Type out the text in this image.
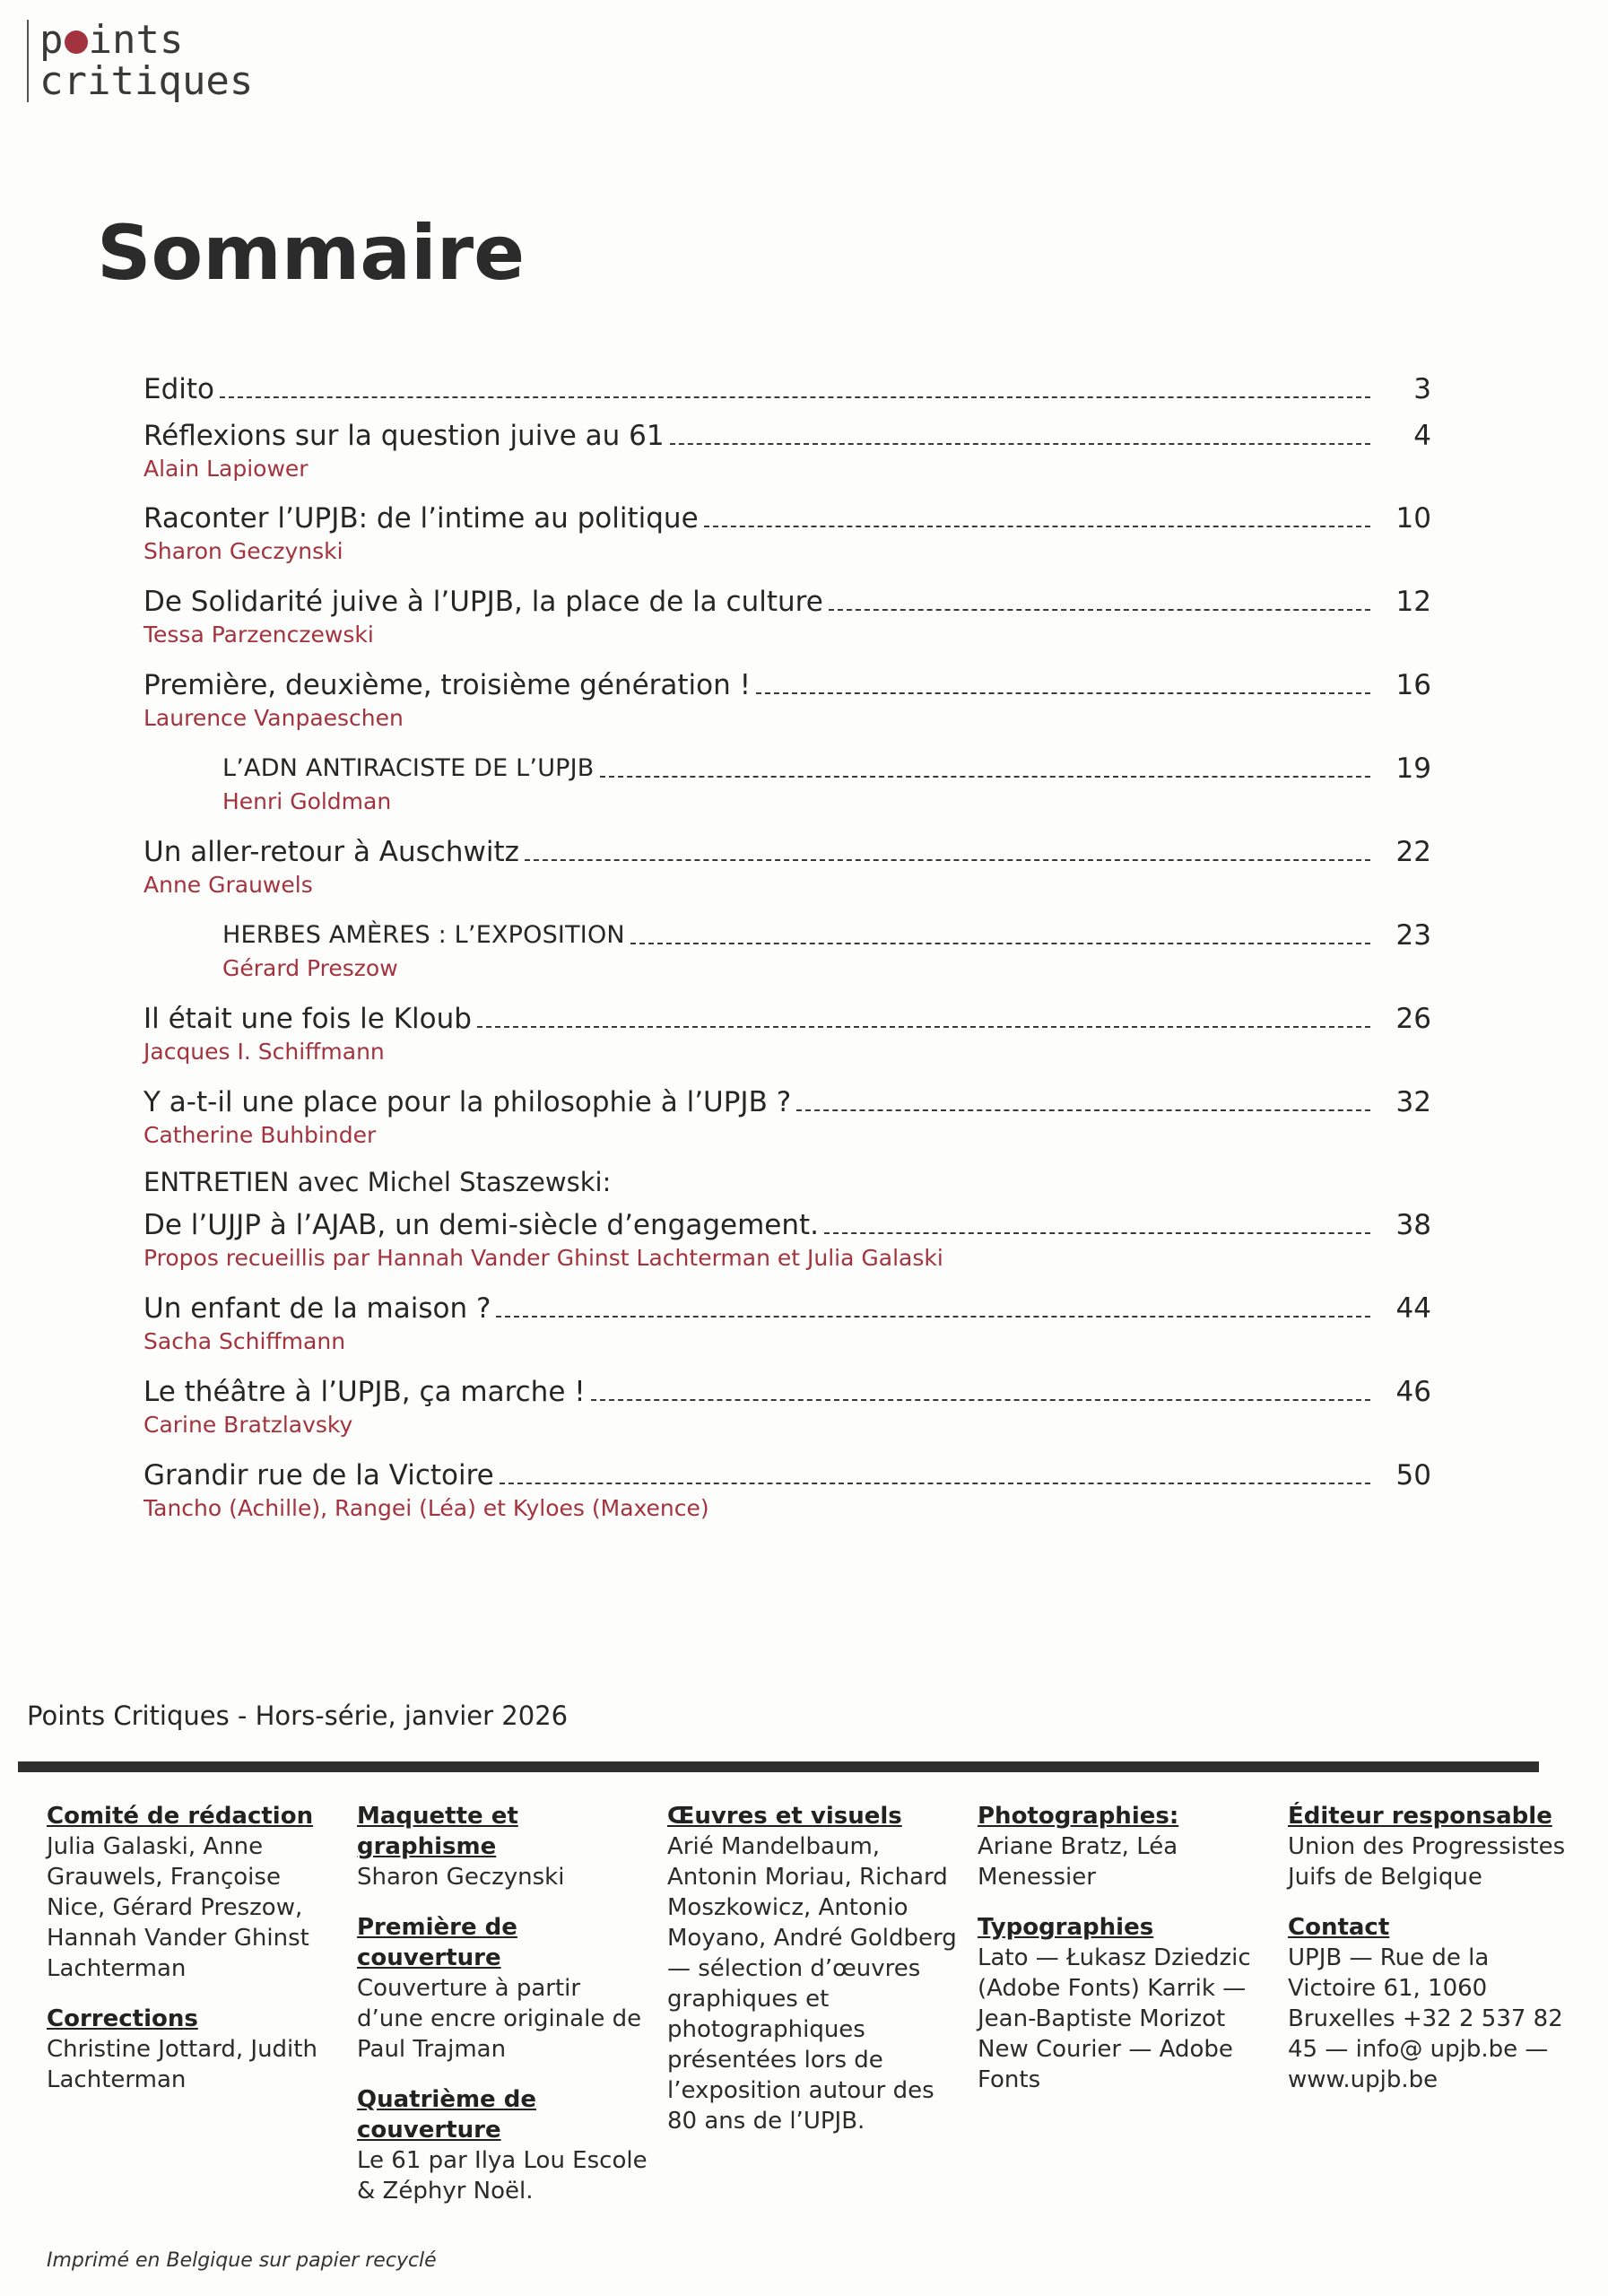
p ints
critiques
Sommaire
Edito	3
Réflexions sur la question juive au 61	4
Alain Lapiower
Raconter l’UPJB: de l’intime au politique	10
Sharon Geczynski
De Solidarité juive à l’UPJB, la place de la culture	12
Tessa Parzenczewski
Première, deuxième, troisième génération !	16
Laurence Vanpaeschen
L’ADN ANTIRACISTE DE L’UPJB	19
Henri Goldman
Un aller-retour à Auschwitz	22
Anne Grauwels
HERBES AMÈRES : L’EXPOSITION	23
Gérard Preszow
Il était une fois le Kloub	26
Jacques I. Schiffmann
Y a-t-il une place pour la philosophie à l’UPJB ?	32
Catherine Buhbinder
ENTRETIEN avec Michel Staszewski:
De l’UJJP à l’AJAB, un demi-siècle d’engagement.	38
Propos recueillis par Hannah Vander Ghinst Lachterman et Julia Galaski
Un enfant de la maison ?	44
Sacha Schiffmann
Le théâtre à l’UPJB, ça marche !	46
Carine Bratzlavsky
Grandir rue de la Victoire	50
Tancho (Achille), Rangei (Léa) et Kyloes (Maxence)
Points Critiques - Hors-série, janvier 2026
Comité de rédaction

Julia Galaski, Anne Grauwels, Françoise Nice, Gérard Preszow, Hannah Vander Ghinst Lachterman

Corrections

Christine Jottard, Judith Lachterman

Maquette et graphisme

Sharon Geczynski

Première de couverture

Couverture à partir d’une encre originale de Paul Trajman

Quatrième de couverture

Le 61 par Ilya Lou Escole & Zéphyr Noël.

Œuvres et visuels

Arié Mandelbaum, Antonin Moriau, Richard Moszkowicz, Antonio Moyano, André Goldberg — sélection d’œuvres graphiques et photographiques présentées lors de l’exposition autour des 80 ans de l’UPJB.

Photographies:

Ariane Bratz, Léa Menessier

Typographies

Lato — Łukasz Dziedzic (Adobe Fonts) Karrik — Jean-Baptiste Morizot New Courier — Adobe Fonts

Éditeur responsable

Union des Progressistes Juifs de Belgique

Contact

UPJB — Rue de la Victoire 61, 1060 Bruxelles +32 2 537 82 45 — info@ upjb.be — www.upjb.be

Imprimé en Belgique sur papier recyclé
